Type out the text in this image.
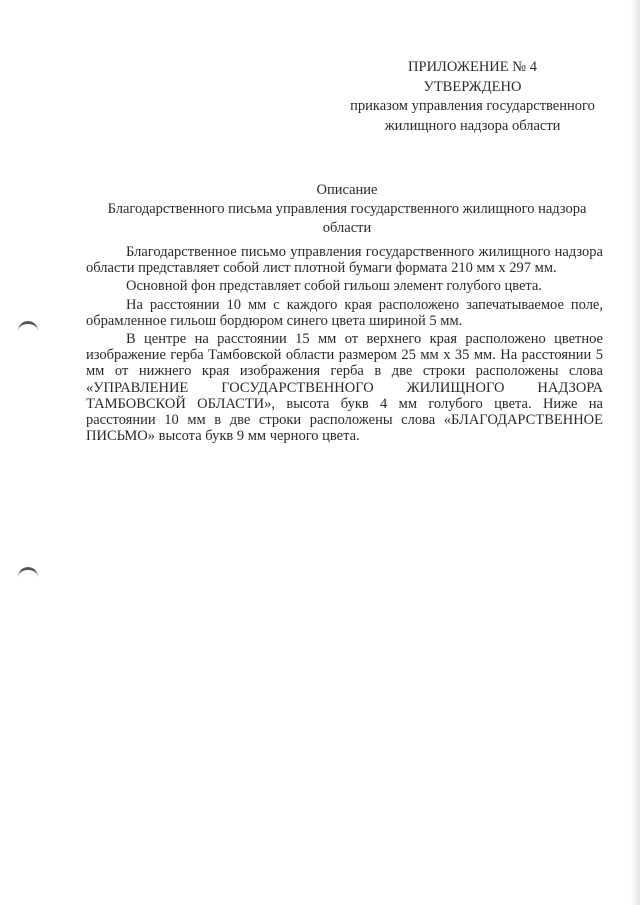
ПРИЛОЖЕНИЕ № 4
УТВЕРЖДЕНО
приказом управления государственного
жилищного надзора области
Описание
Благодарственного письма управления государственного жилищного надзора
области

Благодарственное письмо управления государственного жилищного надзора области представляет собой лист плотной бумаги формата 210 мм х 297 мм.

Основной фон представляет собой гильош элемент голубого цвета.

На расстоянии 10 мм с каждого края расположено запечатываемое поле, обрамленное гильош бордюром синего цвета шириной 5 мм.

В центре на расстоянии 15 мм от верхнего края расположено цветное изображение герба Тамбовской области размером 25 мм х 35 мм. На расстоянии 5 мм от нижнего края изображения герба в две строки расположены слова «УПРАВЛЕНИЕ ГОСУДАРСТВЕННОГО ЖИЛИЩНОГО НАДЗОРА ТАМБОВСКОЙ ОБЛАСТИ», высота букв 4 мм голубого цвета. Ниже на расстоянии 10 мм в две строки расположены слова «БЛАГОДАРСТВЕННОЕ ПИСЬМО» высота букв 9 мм черного цвета.
